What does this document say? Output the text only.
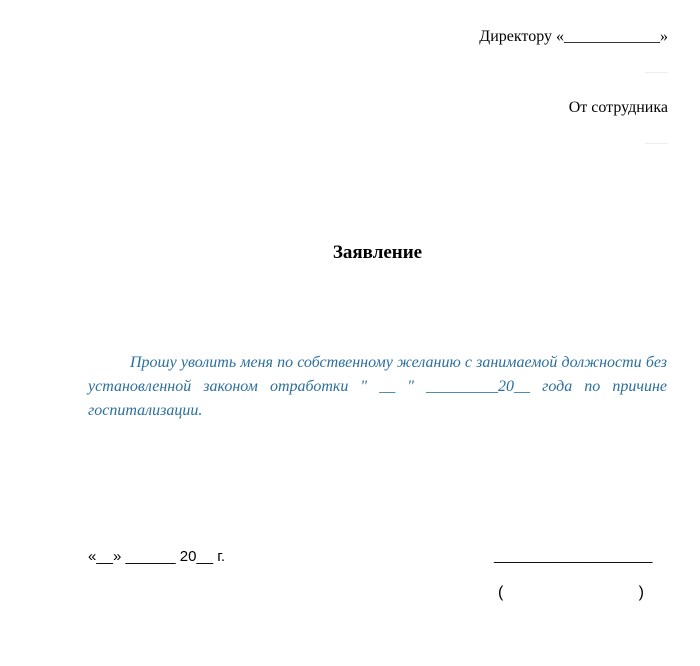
Директору «____________»
От сотрудника
Заявление
Прошу уволить меня по собственному желанию с занимаемой должности без установленной законом отработки " __ " _________20__ года по причине госпитализации.
«__» ______ 20__ г.	___________________
(	)
